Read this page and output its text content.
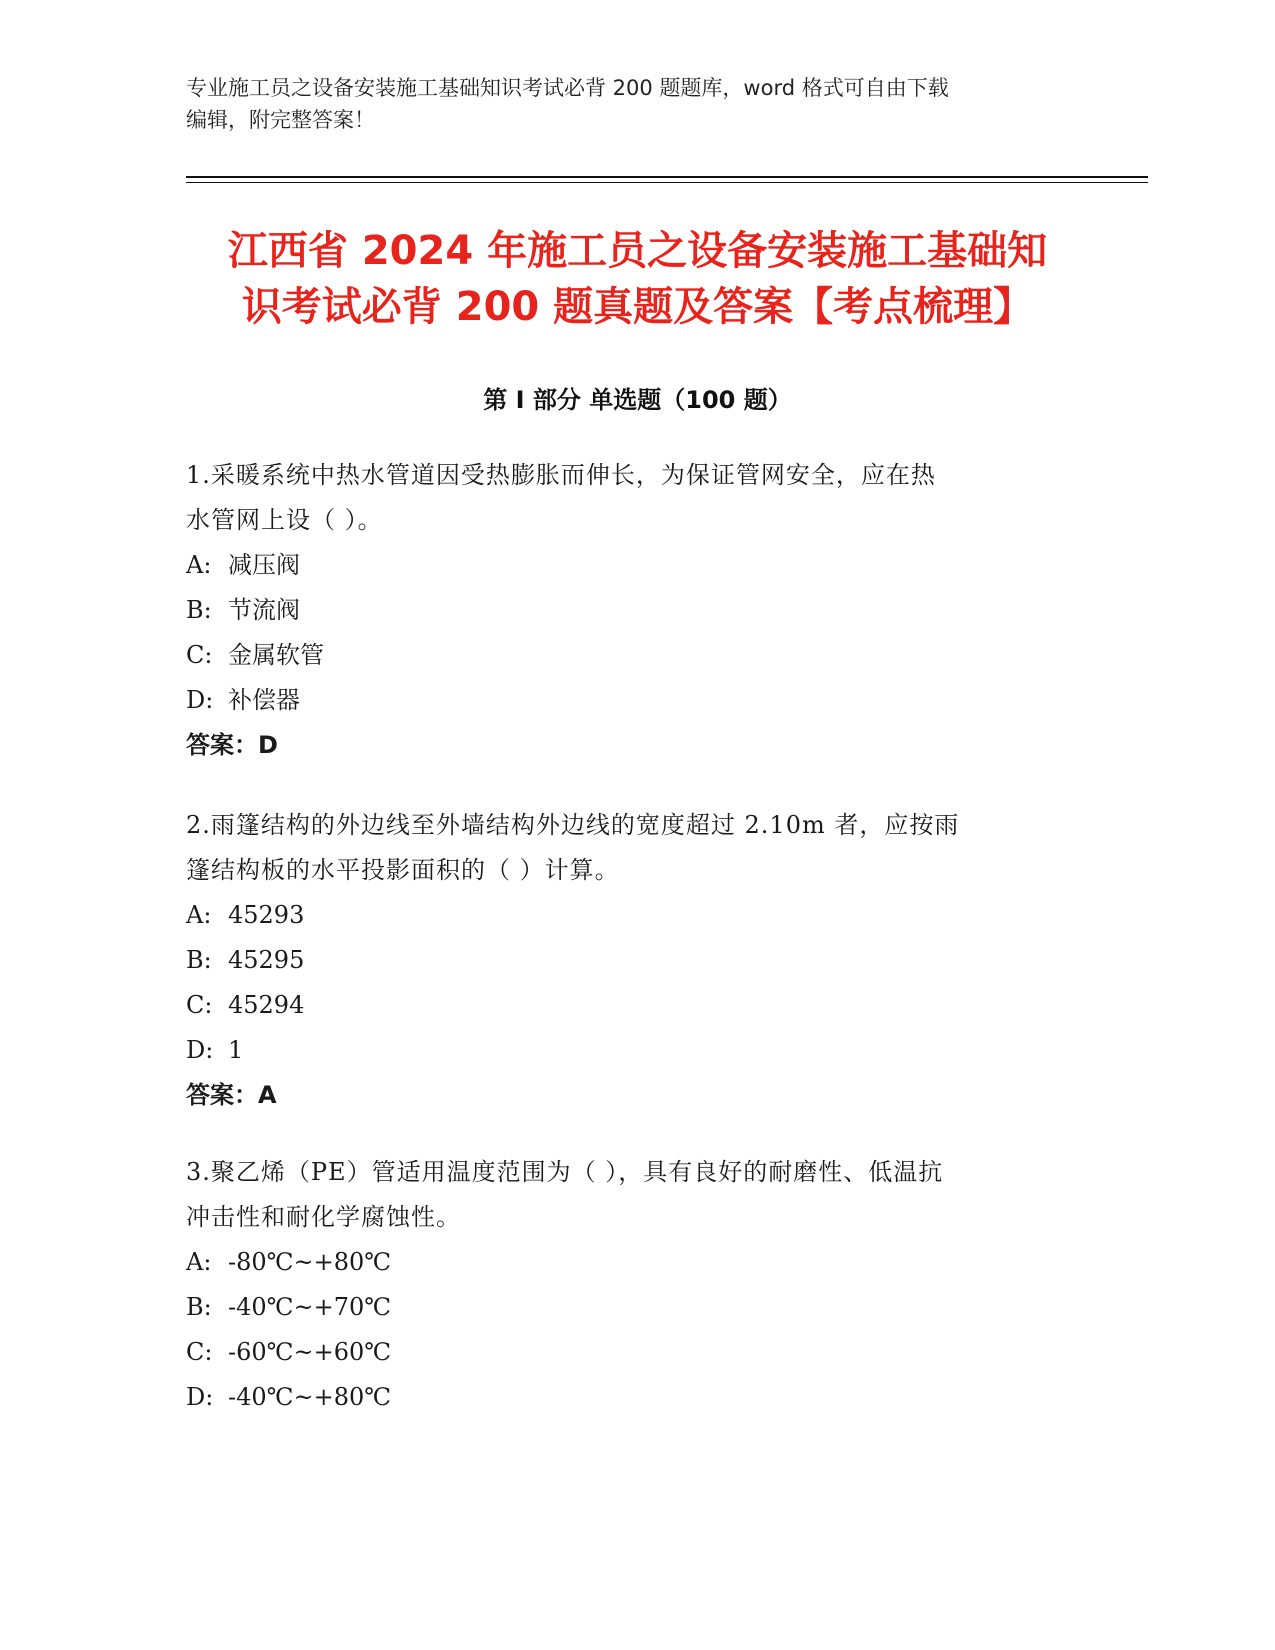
专业施工员之设备安装施工基础知识考试必背 200 题题库，word 格式可自由下载
编辑，附完整答案！
江西省 2024 年施工员之设备安装施工基础知
识考试必背 200 题真题及答案【考点梳理】
第 I 部分 单选题（100 题）
1.采暖系统中热水管道因受热膨胀而伸长，为保证管网安全，应在热
水管网上设（ ）。
A: 减压阀
B: 节流阀
C: 金属软管
D: 补偿器
答案： D
2.雨篷结构的外边线至外墙结构外边线的宽度超过 2.10m 者，应按雨
篷结构板的水平投影面积的（ ）计算。
A: 45293
B: 45295
C: 45294
D: 1
答案： A
3.聚乙烯（PE）管适用温度范围为（ ），具有良好的耐磨性、低温抗
冲击性和耐化学腐蚀性。
A: -80℃~+80℃
B: -40℃~+70℃
C: -60℃~+60℃
D: -40℃~+80℃
